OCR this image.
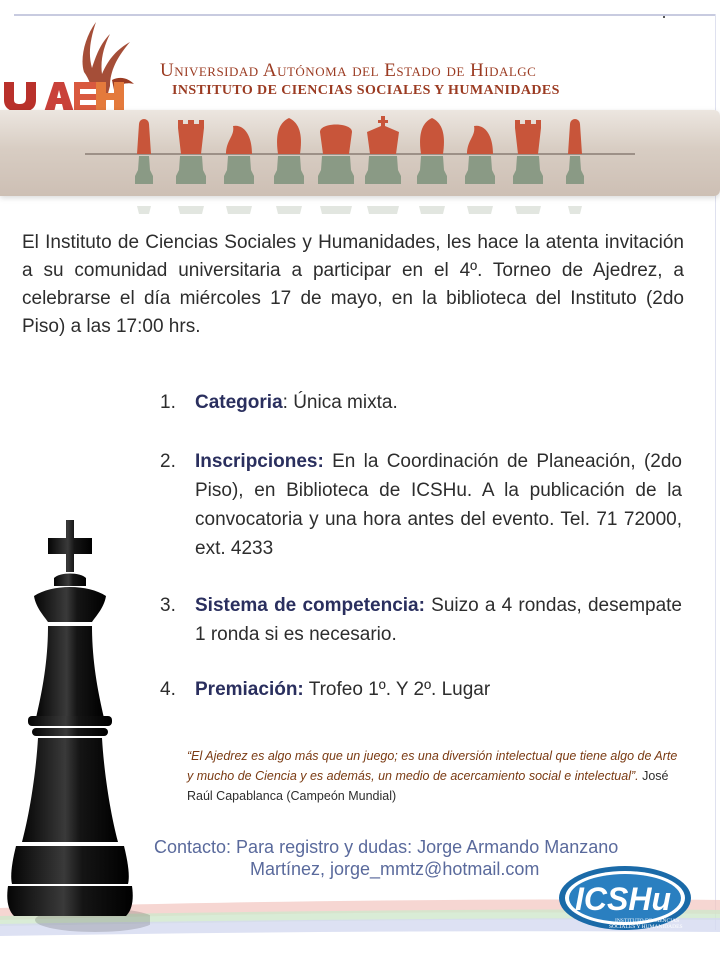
Universidad Autónoma del Estado de Hidalgc
INSTITUTO DE CIENCIAS SOCIALES Y HUMANIDADES
El Instituto de Ciencias Sociales y Humanidades, les hace la atenta invitación a su comunidad universitaria a participar en el 4º. Torneo de Ajedrez, a celebrarse el día miércoles 17 de mayo, en la biblioteca del Instituto (2do Piso) a las 17:00 hrs.
1. Categoria: Única mixta.
2. Inscripciones: En la Coordinación de Planeación, (2do Piso), en Biblioteca de ICSHu. A la publicación de la convocatoria y una hora antes del evento. Tel. 71 72000, ext. 4233
3. Sistema de competencia: Suizo a 4 rondas, desempate 1 ronda si es necesario.
4. Premiación: Trofeo 1º. Y 2º. Lugar
“El Ajedrez es algo más que un juego; es una diversión intelectual que tiene algo de Arte y mucho de Ciencia y es además, un medio de acercamiento social e intelectual”. José Raúl Capablanca (Campeón Mundial)
Contacto: Para registro y dudas: Jorge Armando Manzano
Martínez, jorge_mmtz@hotmail.com
ICSHu
INSTITUTO DE CIENCIAS
SOCIALES Y HUMANIDADES
